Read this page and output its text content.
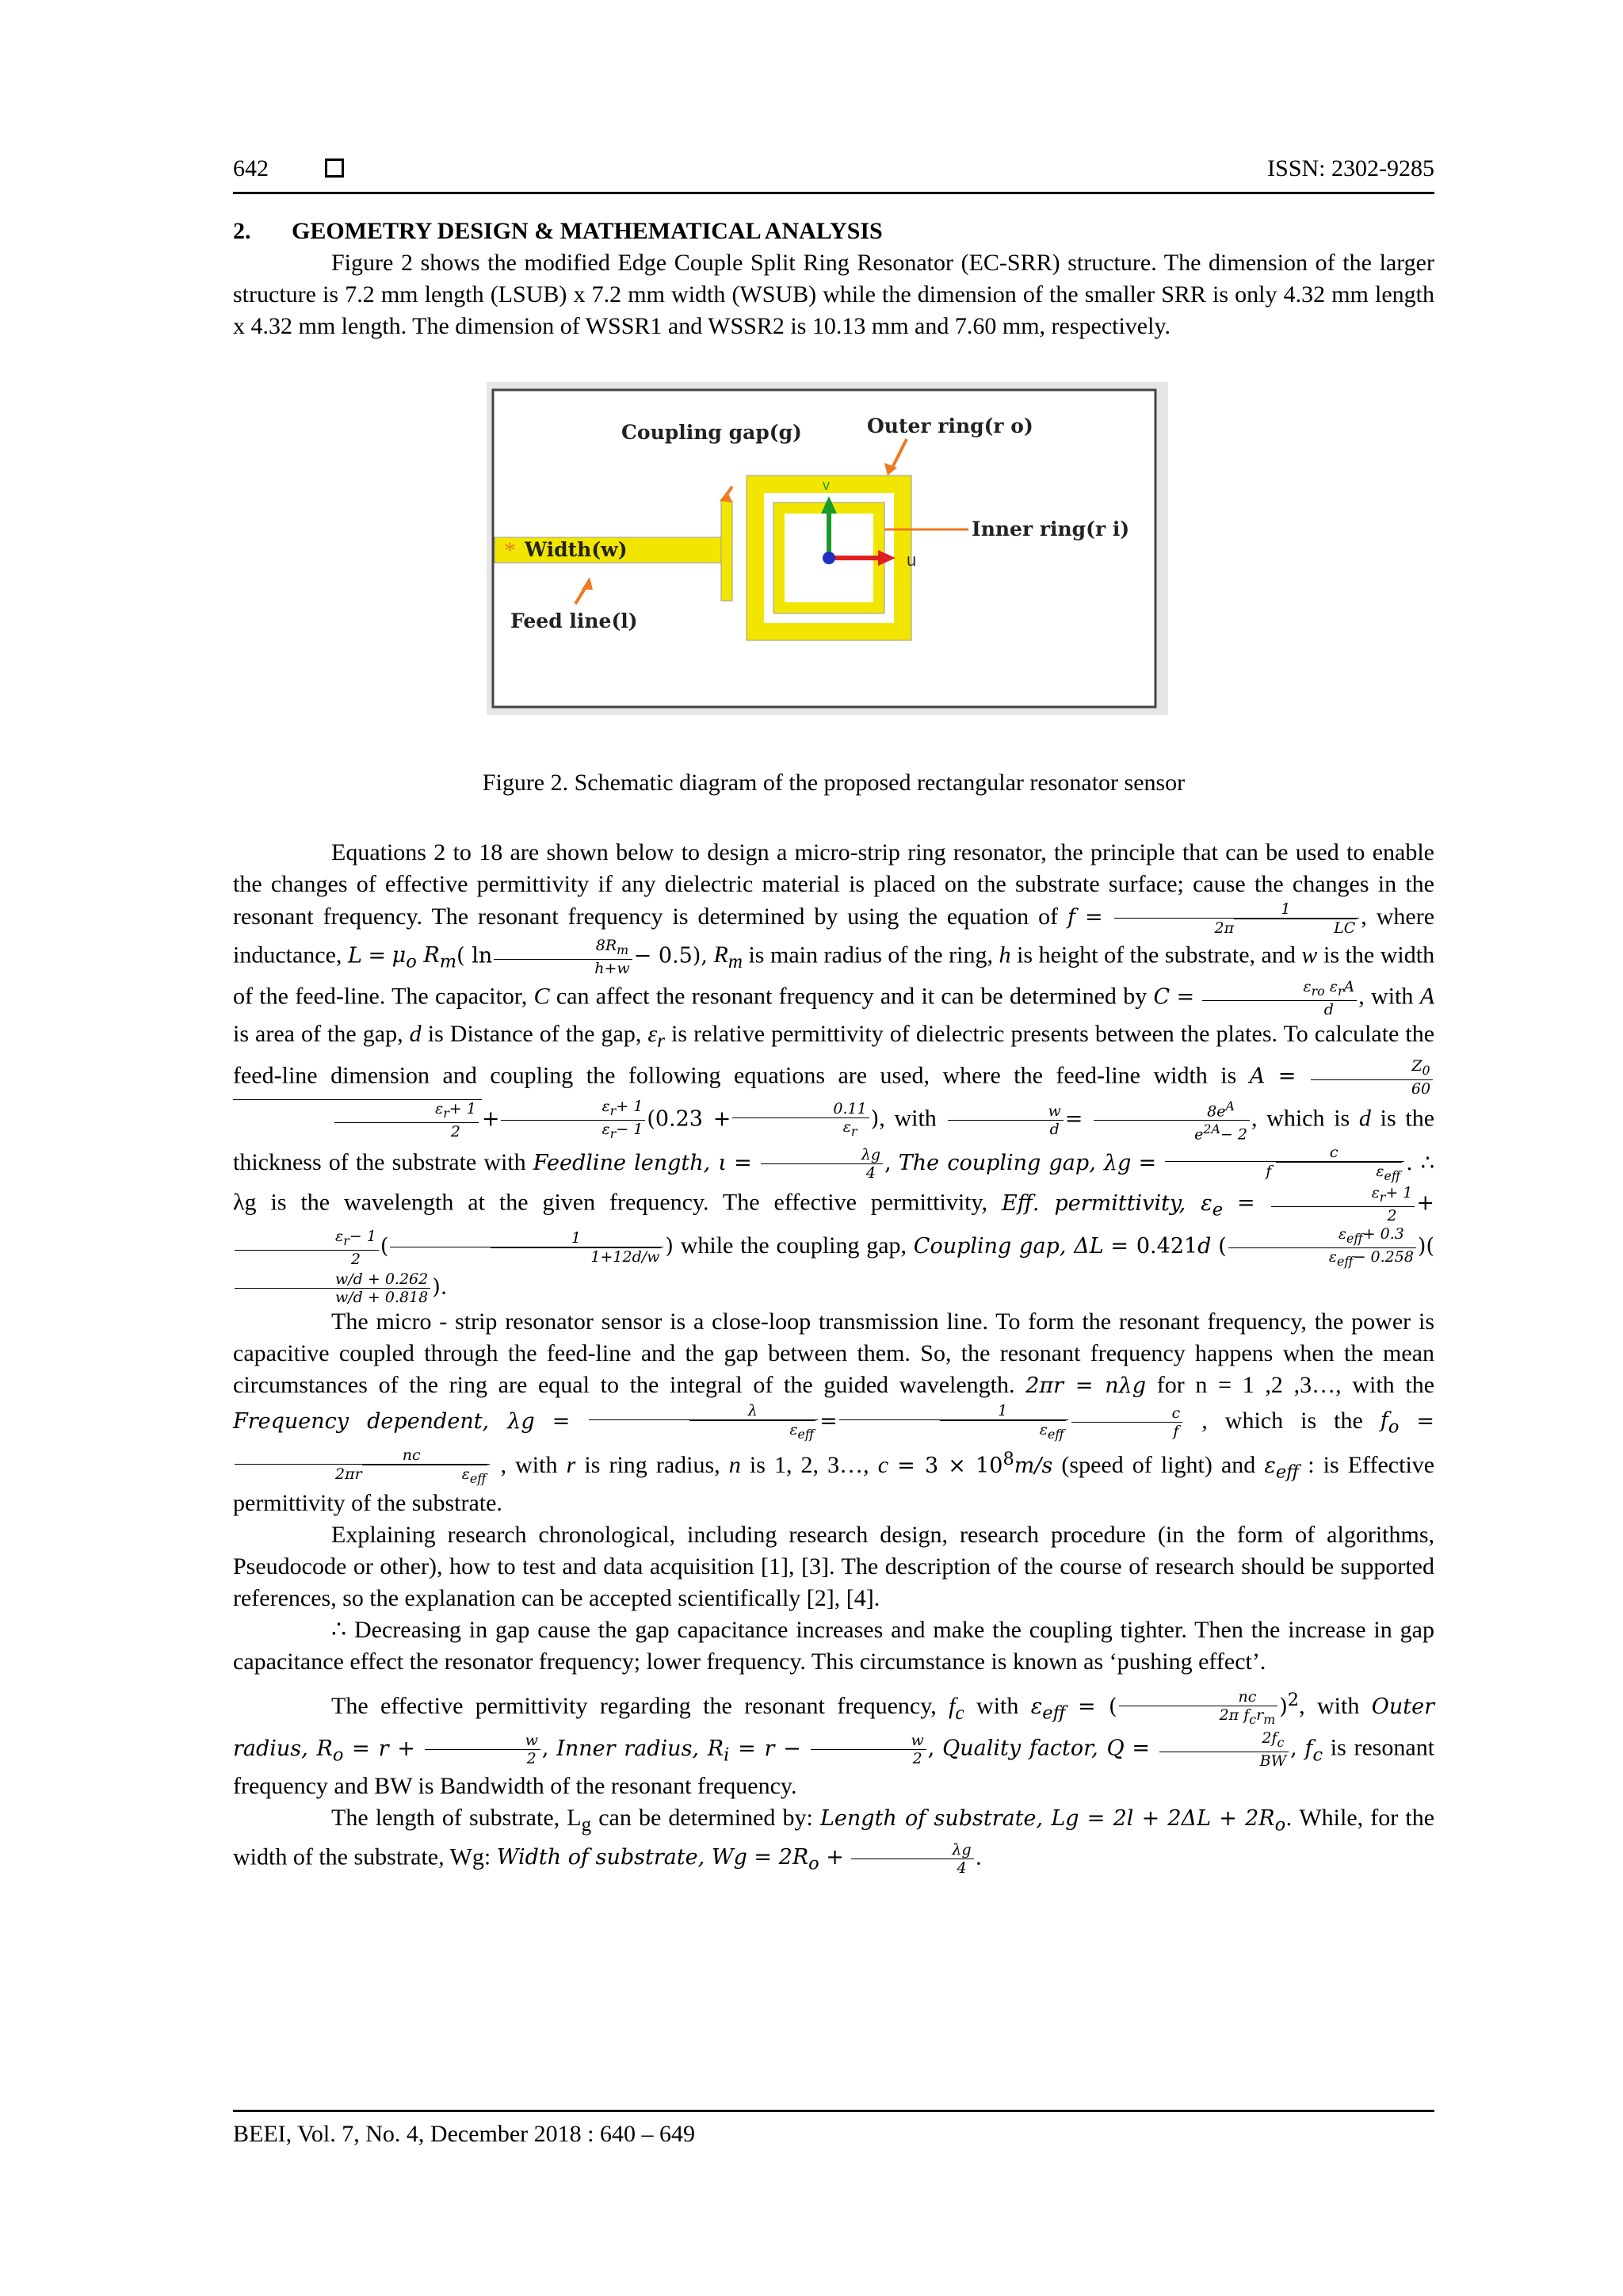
642	ISSN: 2302-9285
2. GEOMETRY DESIGN & MATHEMATICAL ANALYSIS

Figure 2 shows the modified Edge Couple Split Ring Resonator (EC-SRR) structure. The dimension of the larger structure is 7.2 mm length (LSUB) x 7.2 mm width (WSUB) while the dimension of the smaller SRR is only 4.32 mm length x 4.32 mm length. The dimension of WSSR1 and WSSR2 is 10.13 mm and 7.60 mm, respectively.

v
u
*
Coupling gap(g)	Outer ring(r o)
Inner ring(r i)
Width(w)
Feed line(l)

Figure 2. Schematic diagram of the proposed rectangular resonator sensor

Equations 2 to 18 are shown below to design a micro-strip ring resonator, the principle that can be used to enable the changes of effective permittivity if any dielectric material is placed on the substrate surface; cause the changes in the resonant frequency. The resonant frequency is determined by using the equation of f = 1
2π	LC , where inductance, $L = \mu_o$ $R_m$( $\ln \frac{8R_m}{h+w} - 0.5$), $R_m$ is main radius of the ring, h is height of the substrate, and w is the width of the feed-line. The capacitor, C can affect the resonant frequency and it can be determined by $C = \frac{\varepsilon_{ro} \varepsilon_rA}{d}$ , with A is area of the gap, d is Distance of the gap, $\varepsilon_r$ is relative permittivity of dielectric presents between the plates. To calculate the feed-line dimension and coupling the following equations are used, where the feed-line width is $A = \frac{Z_0}{60}$
$\frac{\varepsilon_r+ 1}{2} + \frac{\varepsilon_r+ 1}{\varepsilon_r- 1} (0.23 + \frac{0.11}{\varepsilon_r}$ ), with $\frac{w}{d} = \frac{8e^A}{e^{2A}- 2}$ , which is d is the thickness of the substrate with Feedline length, $\iota = \frac{\lambda g}{4}$ , The coupling gap, λg = c
f	$\varepsilon_{eff}$ . ∴ λg is the wavelength at the given frequency. The effective permittivity, Eff. permittivity, $\varepsilon_e = \frac{\varepsilon_r+ 1}{2}$ +
$\frac{\varepsilon_r- 1}{2}$ ( $\frac{1}{1+12d/w}$ ) while the coupling gap, Coupling gap, ΔL = 0.421d ( $\frac{\varepsilon_{eff}+ 0.3}{\varepsilon_{eff}- 0.258}$ )(
$\frac{w/d + 0.262}{w/d + 0.818}$ ).

The micro - strip resonator sensor is a close-loop transmission line. To form the resonant frequency, the power is capacitive coupled through the feed-line and the gap between them. So, the resonant frequency happens when the mean circumstances of the ring are equal to the integral of the guided wavelength. 2πr = nλg for n = 1 ,2 ,3…, with the Frequency dependent, $\lambda g = \frac{\lambda}{\varepsilon_{eff}} = \frac{1}{\varepsilon_{eff}} \frac{c}{f}$ , which is the $f_o$ =
nc
2πr	$\varepsilon_{eff}$ , with r is ring radius, n is 1, 2, 3…, $c = 3 \times 10^8m/s$ (speed of light) and $\varepsilon_{eff}$ : is Effective permittivity of the substrate.

Explaining research chronological, including research design, research procedure (in the form of algorithms, Pseudocode or other), how to test and data acquisition [1], [3]. The description of the course of research should be supported references, so the explanation can be accepted scientifically [2], [4].

∴ Decreasing in gap cause the gap capacitance increases and make the coupling tighter. Then the increase in gap capacitance effect the resonator frequency; lower frequency. This circumstance is known as ‘pushing effect’.

The effective permittivity regarding the resonant frequency, $f_c$ with $\varepsilon_{eff}$ = ( $\frac{nc}{2\pi f_cr_m} )^2$, with Outer radius, $R_o = r + \frac{w}{2}$ , Inner radius, $R_i = r - \frac{w}{2}$ , Quality factor, $Q = \frac{2f_c}{BW}$ , $f_c$ is resonant frequency and BW is Bandwidth of the resonant frequency.

The length of substrate, $L_g$ can be determined by: Length of substrate, $Lg = 2l + 2\Delta L + 2R_o$. While, for the width of the substrate, Wg: Width of substrate, $Wg = 2R_o + \frac{\lambda g}{4}$ .

BEEI, Vol. 7, No. 4, December 2018 : 640 – 649
